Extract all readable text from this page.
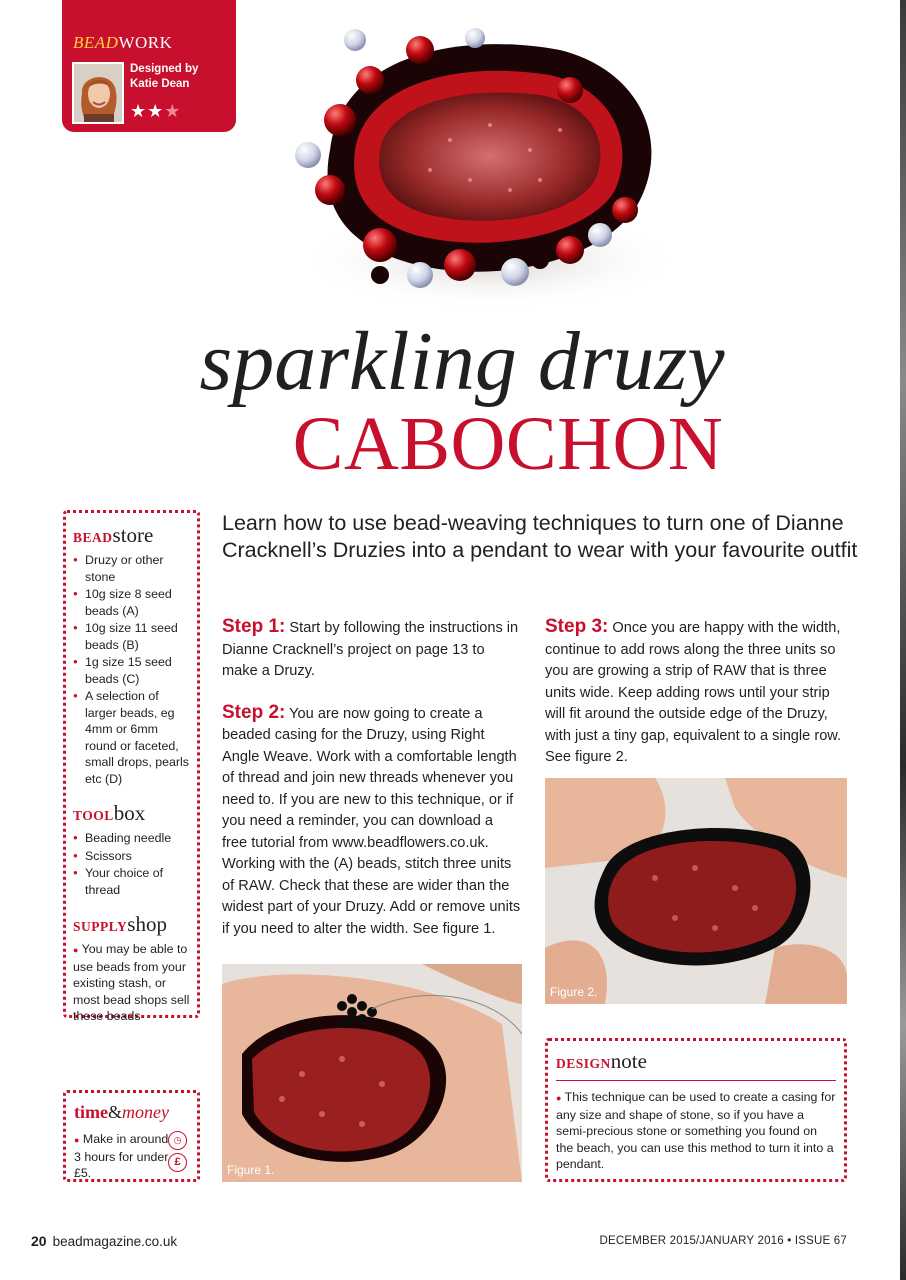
BEADWORK
Designed by
Katie Dean
★★★
sparkling druzy
CABOCHON
BEADstore
● Druzy or other stone
● 10g size 8 seed beads (A)
● 10g size 11 seed beads (B)
● 1g size 15 seed beads (C)
● A selection of larger beads, eg 4mm or 6mm round or faceted, small drops, pearls etc (D)
TOOLbox
● Beading needle
● Scissors
● Your choice of thread
SUPPLYshop

● You may be able to use beads from your existing stash, or most bead shops sell these beads

time&money
● Make in around 3 hours for under £5.
◷
£
Learn how to use bead-weaving techniques to turn one of Dianne Cracknell’s Druzies into a pendant to wear with your favourite outfit

Step 1: Start by following the instructions in Dianne Cracknell’s project on page 13 to make a Druzy.

Step 2: You are now going to create a beaded casing for the Druzy, using Right Angle Weave. Work with a comfortable length of thread and join new threads whenever you need to. If you are new to this technique, or if you need a reminder, you can download a free tutorial from www.beadflowers.co.uk. Working with the (A) beads, stitch three units of RAW. Check that these are wider than the widest part of your Druzy. Add or remove units if you need to alter the width. See figure 1.

Step 3: Once you are happy with the width, continue to add rows along the three units so you are growing a strip of RAW that is three units wide. Keep adding rows until your strip will fit around the outside edge of the Druzy, with just a tiny gap, equivalent to a single row. See figure 2.

Figure 1.
Figure 2.
DESIGNnote
● This technique can be used to create a casing for any size and shape of stone, so if you have a semi-precious stone or something you found on the beach, you can use this method to turn it into a pendant.
20 beadmagazine.co.uk	DECEMBER 2015/JANUARY 2016 • ISSUE 67
